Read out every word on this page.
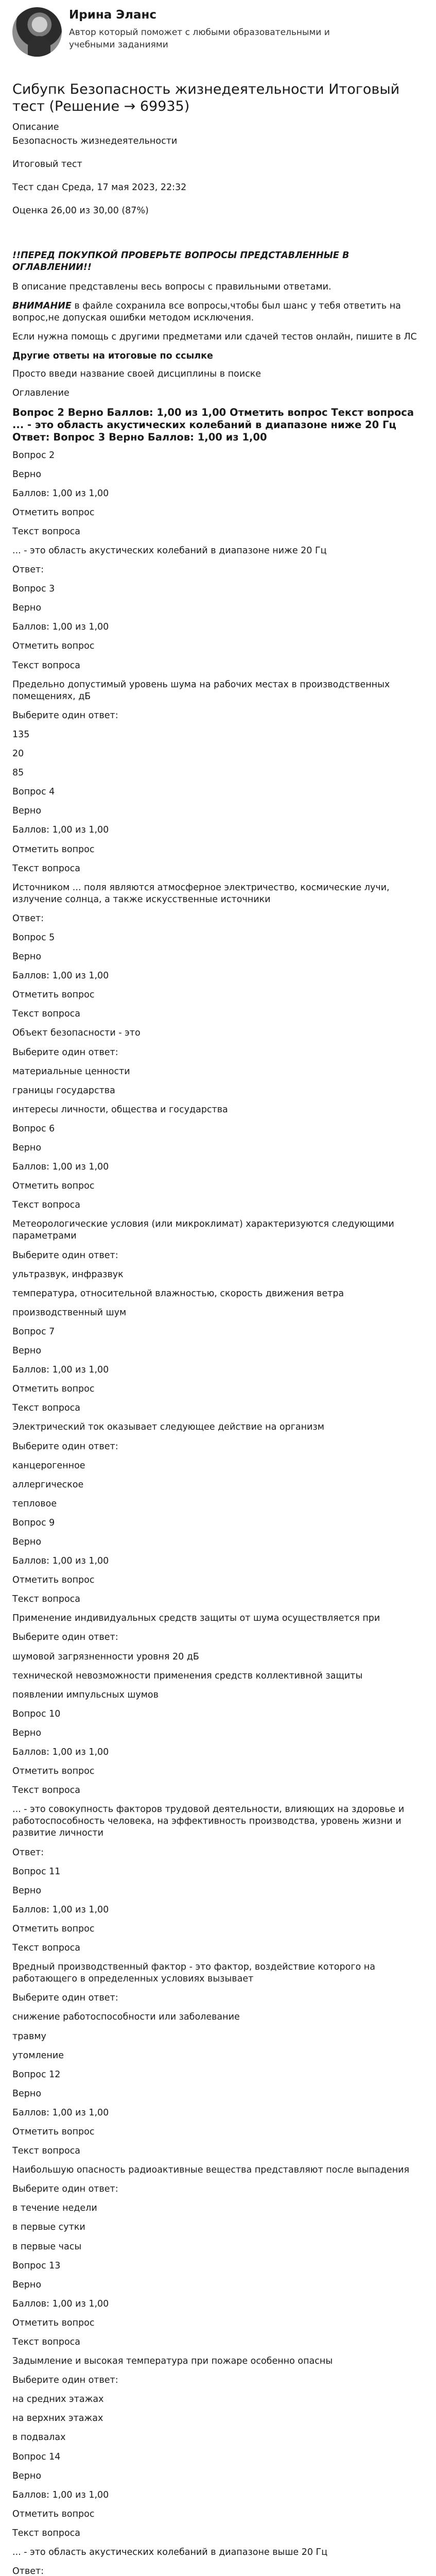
Ирина Эланс
Автор который поможет с любыми образовательными и учебными заданиями
Сибупк Безопасность жизнедеятельности Итоговый тест (Решение → 69935)

Описание

Безопасность жизнедеятельности

Итоговый тест

Тест сдан Среда, 17 мая 2023, 22:32

Оценка 26,00 из 30,00 (87%)

!!ПЕРЕД ПОКУПКОЙ ПРОВЕРЬТЕ ВОПРОСЫ ПРЕДСТАВЛЕННЫЕ В ОГЛАВЛЕНИИ!!
В описание представлены весь вопросы с правильными ответами.
ВНИМАНИЕ в файле сохранила все вопросы,чтобы был шанс у тебя ответить на вопрос,не допуская ошибки методом исключения.
Если нужна помощь с другими предметами или сдачей тестов онлайн, пишите в ЛС
Другие ответы на итоговые по ссылке
Просто введи название своей дисциплины в поиске
Оглавление
Вопрос 2 Верно Баллов: 1,00 из 1,00 Отметить вопрос Текст вопроса ... - это область акустических колебаний в диапазоне ниже 20 Гц Ответ: Вопрос 3 Верно Баллов: 1,00 из 1,00
Вопрос 2
Верно
Баллов: 1,00 из 1,00
Отметить вопрос
Текст вопроса
... - это область акустических колебаний в диапазоне ниже 20 Гц
Ответ:
Вопрос 3
Верно
Баллов: 1,00 из 1,00
Отметить вопрос
Текст вопроса
Предельно допустимый уровень шума на рабочих местах в производственных помещениях, дБ
Выберите один ответ:
135
20
85
Вопрос 4
Верно
Баллов: 1,00 из 1,00
Отметить вопрос
Текст вопроса
Источником ... поля являются атмосферное электричество, космические лучи, излучение солнца, а также искусственные источники
Ответ:
Вопрос 5
Верно
Баллов: 1,00 из 1,00
Отметить вопрос
Текст вопроса
Объект безопасности - это
Выберите один ответ:
материальные ценности
границы государства
интересы личности, общества и государства
Вопрос 6
Верно
Баллов: 1,00 из 1,00
Отметить вопрос
Текст вопроса
Метеорологические условия (или микроклимат) характеризуются следующими параметрами
Выберите один ответ:
ультразвук, инфразвук
температура, относительной влажностью, скорость движения ветра
производственный шум
Вопрос 7
Верно
Баллов: 1,00 из 1,00
Отметить вопрос
Текст вопроса
Электрический ток оказывает следующее действие на организм
Выберите один ответ:
канцерогенное
аллергическое
тепловое
Вопрос 9
Верно
Баллов: 1,00 из 1,00
Отметить вопрос
Текст вопроса
Применение индивидуальных средств защиты от шума осуществляется при
Выберите один ответ:
шумовой загрязненности уровня 20 дБ
технической невозможности применения средств коллективной защиты
появлении импульсных шумов
Вопрос 10
Верно
Баллов: 1,00 из 1,00
Отметить вопрос
Текст вопроса
... - это совокупность факторов трудовой деятельности, влияющих на здоровье и работоспособность человека, на эффективность производства, уровень жизни и развитие личности
Ответ:
Вопрос 11
Верно
Баллов: 1,00 из 1,00
Отметить вопрос
Текст вопроса
Вредный производственный фактор - это фактор, воздействие которого на работающего в определенных условиях вызывает
Выберите один ответ:
снижение работоспособности или заболевание
травму
утомление
Вопрос 12
Верно
Баллов: 1,00 из 1,00
Отметить вопрос
Текст вопроса
Наибольшую опасность радиоактивные вещества представляют после выпадения
Выберите один ответ:
в течение недели
в первые сутки
в первые часы
Вопрос 13
Верно
Баллов: 1,00 из 1,00
Отметить вопрос
Текст вопроса
Задымление и высокая температура при пожаре особенно опасны
Выберите один ответ:
на средних этажах
на верхних этажах
в подвалах
Вопрос 14
Верно
Баллов: 1,00 из 1,00
Отметить вопрос
Текст вопроса
... - это область акустических колебаний в диапазоне выше 20 Гц
Ответ:
